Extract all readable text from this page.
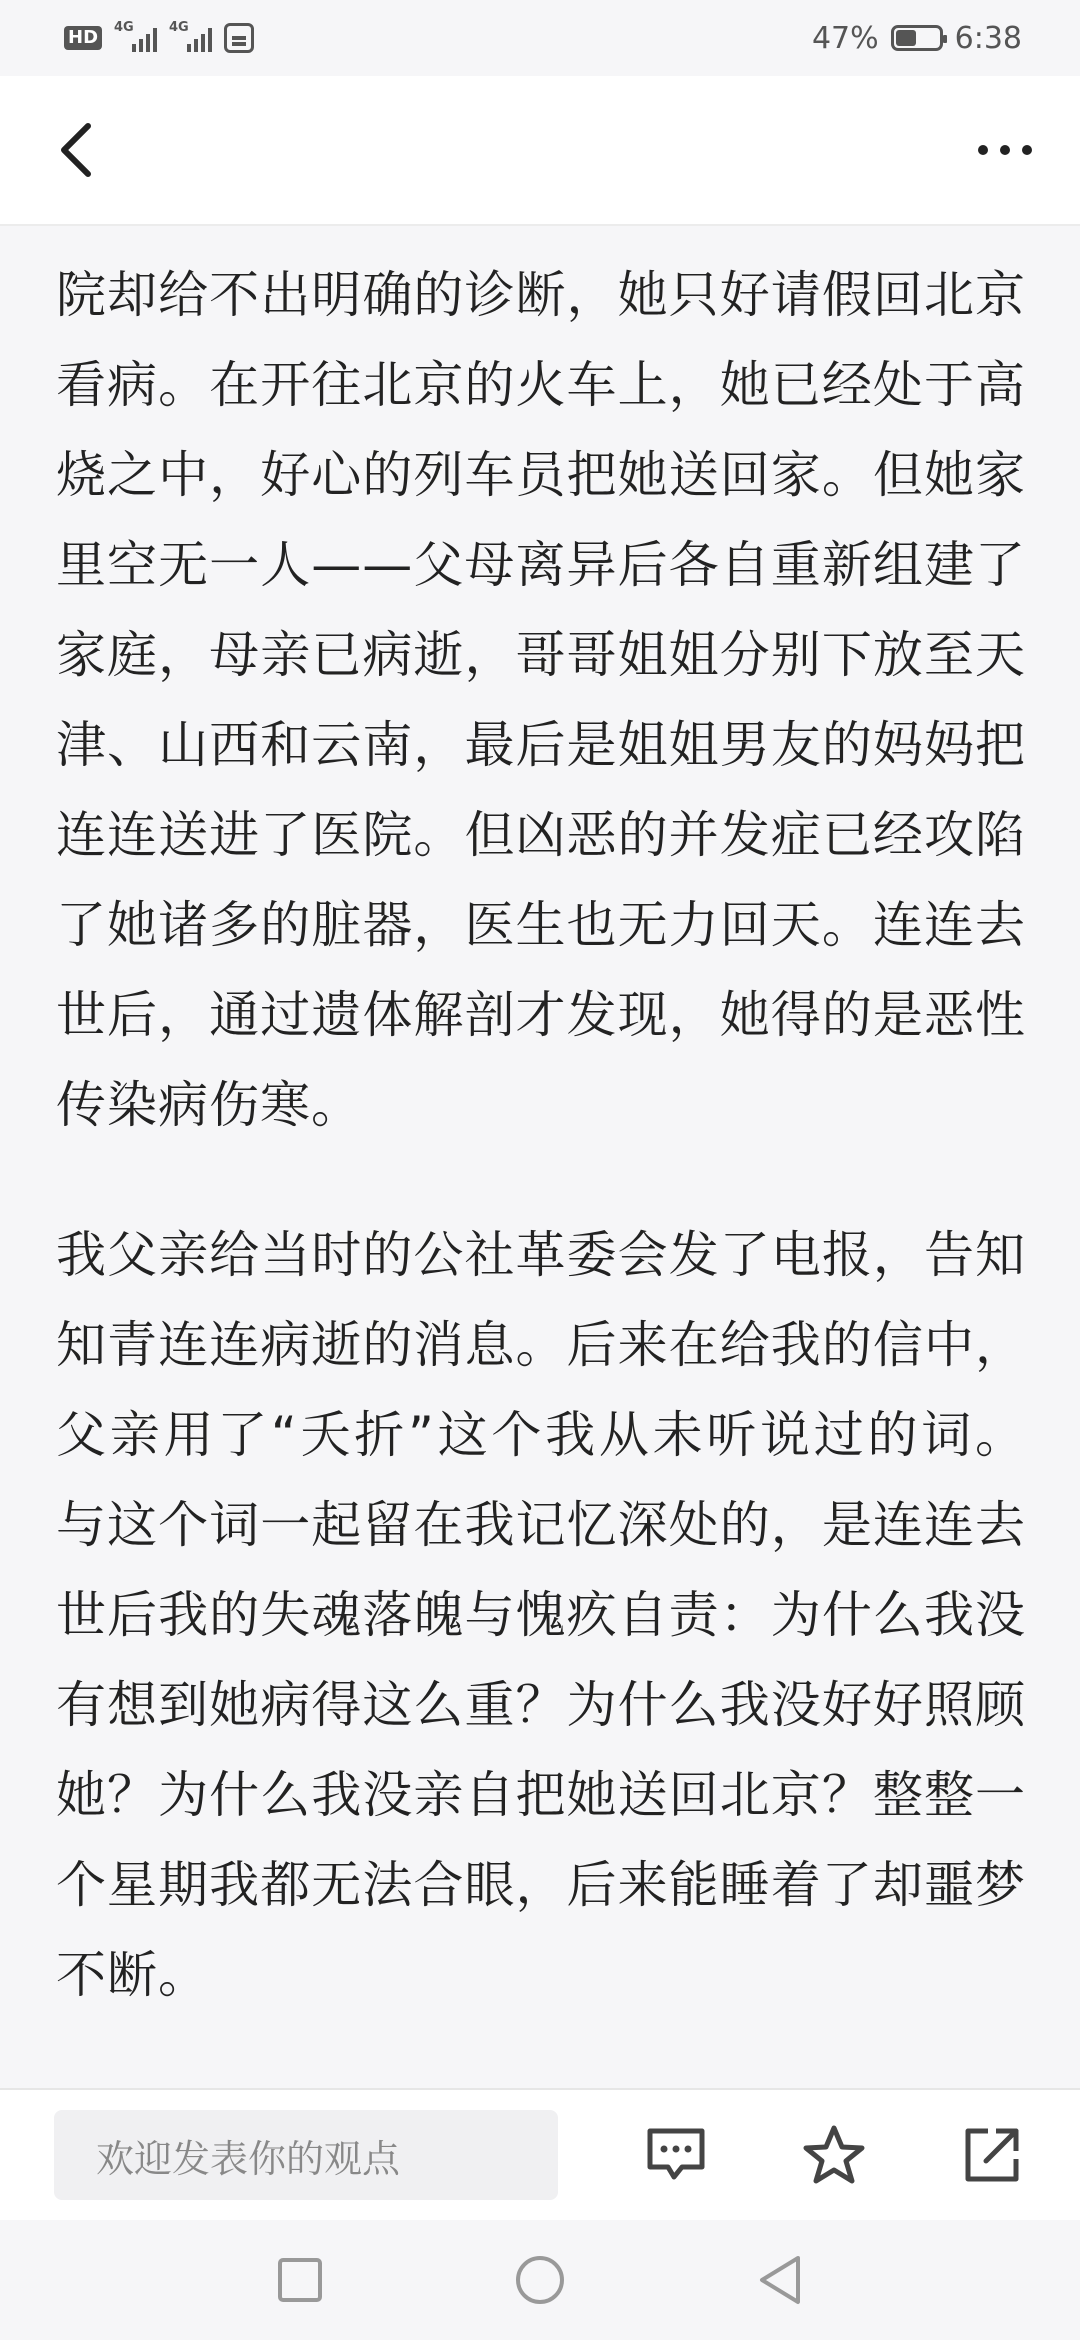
HD	4G	4G	47%	6:38

院却给不出明确的诊断，她只好请假回北京看病。在开往北京的火车上，她已经处于高烧之中，好心的列车员把她送回家。但她家里空无一人——父母离异后各自重新组建了家庭，母亲已病逝，哥哥姐姐分别下放至天津、山西和云南，最后是姐姐男友的妈妈把连连送进了医院。但凶恶的并发症已经攻陷了她诸多的脏器，医生也无力回天。连连去世后，通过遗体解剖才发现，她得的是恶性传染病伤寒。

我父亲给当时的公社革委会发了电报，告知知青连连病逝的消息。后来在给我的信中，父亲用了“夭折”这个我从未听说过的词。与这个词一起留在我记忆深处的，是连连去世后我的失魂落魄与愧疚自责：为什么我没有想到她病得这么重？为什么我没好好照顾她？为什么我没亲自把她送回北京？整整一个星期我都无法合眼，后来能睡着了却噩梦不断。

欢迎发表你的观点
